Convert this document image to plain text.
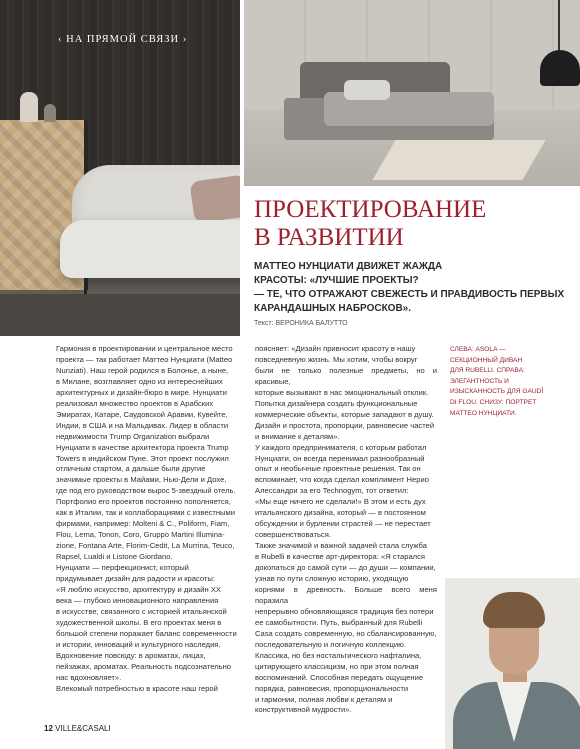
‹ НА ПРЯМОЙ СВЯЗИ ›
ПРОЕКТИРОВАНИЕ
В РАЗВИТИИ
МАТТЕО НУНЦИАТИ ДВИЖЕТ ЖАЖДА
КРАСОТЫ: «ЛУЧШИЕ ПРОЕКТЫ?
— ТЕ, ЧТО ОТРАЖАЮТ СВЕЖЕСТЬ И ПРАВДИВОСТЬ ПЕРВЫХ
КАРАНДАШНЫХ НАБРОСКОВ».
Текст: ВЕРОНИКА БАЛУТТО
Гармония в проектировании и центральное место
проекта — так работает Маттео Нунциати (Matteo
Nunziati). Наш герой родился в Болонье, а ныне,
в Милане, возглавляет одно из интереснейших
архитектурных и дизайн-бюро в мире. Нунциати
реализовал множество проектов в Арабских
Эмиратах, Катаре, Саудовской Аравии, Кувейте,
Индии, в США и на Мальдивах. Лидер в области
недвижимости Trump Organization выбрали
Нунциати в качестве архитектора проекта Trump
Towers в индийском Пуне. Этот проект послужил
отличным стартом, а дальше были другие
значимые проекты в Майами, Нью-Дели и Дохе,
где под его руководством вырос 5-звездный отель.
Портфолио его проектов постоянно пополняется,
как в Италии, так и коллаборациями с известными
фирмами, например: Molteni & C., Poliform, Fiam,
Flou, Lema, Tonon, Coro, Gruppo Martini Illumina-
zione, Fontana Arte, Florim-Cedit, La Murrina, Teuco,
Rapsel, Lualdi и Listone Giordano.
Нунциати — перфекционист, который
придумывает дизайн для радости и красоты:
«Я люблю искусство, архитектуру и дизайн XX
века — глубоко инновационного направления
в искусстве, связанного с историей итальянской
художественной школы. В его проектах меня в
большой степени поражает баланс современности
и истории, инноваций и культурного наследия.
Вдохновение повсюду: в ароматах, лицах,
пейзажах, ароматах. Реальность подсознательно
нас вдохновляет».
Влекомый потребностью в красоте наш герой
поясняет: «Дизайн привносит красоту в нашу
повседневную жизнь. Мы хотим, чтобы вокруг
были не только полезные предметы, но и красивые,
которые вызывают в нас эмоциональный отклик.
Попытка дизайнера создать функциональные
коммерческие объекты, которые западают в душу.
Дизайн и простота, пропорции, равновесие частей
и внимание к деталям».
У каждого предпринимателя, с которым работал
Нунциати, он всегда перенимал разнообразный
опыт и необычные проектные решения. Так он
вспоминает, что когда сделал комплимент Нерио
Алессандри за его Technogym, тот ответил:
«Мы еще ничего не сделали!» В этом и есть дух
итальянского дизайна, который — в постоянном
обсуждении и бурлении страстей — не перестает
совершенствоваться.
Также значимой и важной задачей стала служба
в Rubelli в качестве арт-директора: «Я старался
докопаться до самой сути — до души — компании,
узнав по пути сложную историю, уходящую
корнями в древность. Больше всего меня поразила
непрерывно обновляющаяся традиция без потери
ее самобытности. Путь, выбранный для Rubelli
Casa создать современную, но сбалансированную,
последовательную и логичную коллекцию.
Классика, но без ностальгического нафталина,
цитирующего классицизм, но при этом полная
воспоминаний. Способная передать ощущение
порядка, равновесия, пропорциональности
и гармонии, полная любви к деталям и
конструктивной мудрости».
СЛЕВА: ASOLA —
СЕКЦИОННЫЙ ДИВАН
ДЛЯ RUBELLI. СПРАВА:
ЭЛЕГАНТНОСТЬ И
ИЗЫСКАННОСТЬ ДЛЯ GAUDÌ
DI FLOU. СНИЗУ: ПОРТРЕТ
МАТТЕО НУНЦИАТИ.
12 VILLE&CASALI
